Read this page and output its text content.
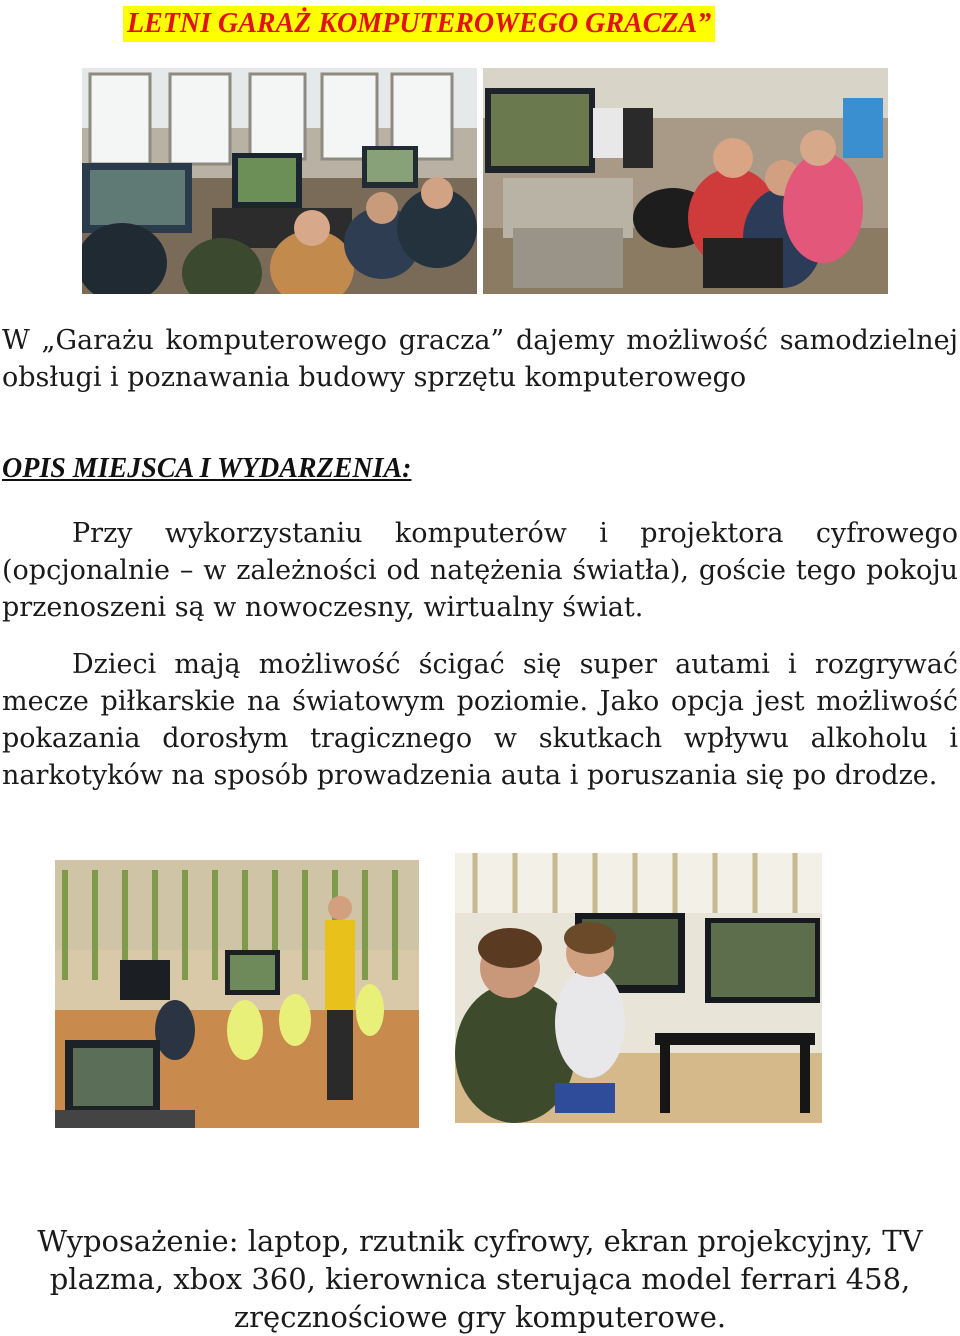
LETNI GARAŻ KOMPUTEROWEGO GRACZA”
W „Garażu komputerowego gracza” dajemy możliwość samodzielnej obsługi i poznawania budowy sprzętu komputerowego
OPIS MIEJSCA I WYDARZENIA:
Przy wykorzystaniu komputerów i projektora cyfrowego (opcjonalnie – w zależności od natężenia światła), goście tego pokoju przenoszeni są w nowoczesny, wirtualny świat.
Dzieci mają możliwość ścigać się super autami i rozgrywać mecze piłkarskie na światowym poziomie. Jako opcja jest możliwość pokazania dorosłym tragicznego w skutkach wpływu alkoholu i narkotyków na sposób prowadzenia auta i poruszania się po drodze.
Wyposażenie: laptop, rzutnik cyfrowy, ekran projekcyjny, TV plazma, xbox 360, kierownica sterująca model ferrari 458, zręcznościowe gry komputerowe.
